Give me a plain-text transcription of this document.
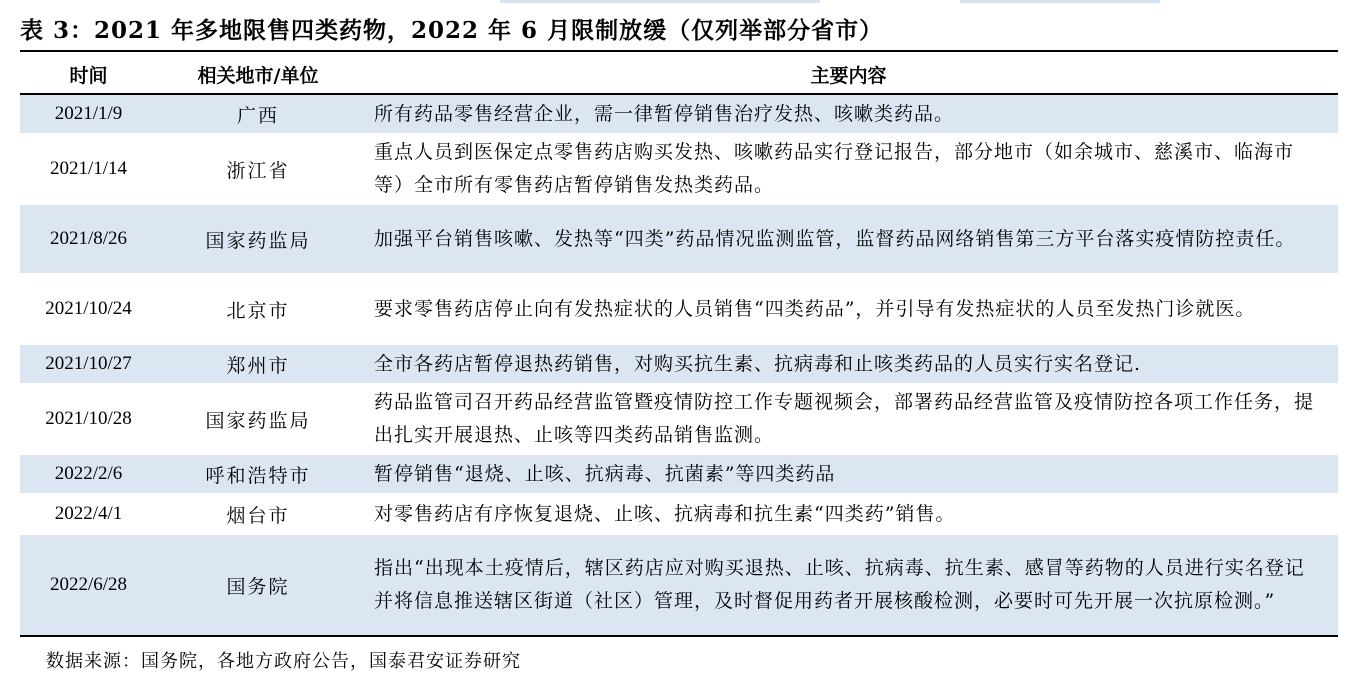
表 3：2021 年多地限售四类药物，2022 年 6 月限制放缓（仅列举部分省市）
时间	相关地市/单位	主要内容
2021/1/9	广西	所有药品零售经营企业，需一律暂停销售治疗发热、咳嗽类药品。
2021/1/14	浙江省	重点人员到医保定点零售药店购买发热、咳嗽药品实行登记报告，部分地市（如余城市、慈溪市、临海市等）全市所有零售药店暂停销售发热类药品。
2021/8/26	国家药监局	加强平台销售咳嗽、发热等“四类”药品情况监测监管，监督药品网络销售第三方平台落实疫情防控责任。
2021/10/24	北京市	要求零售药店停止向有发热症状的人员销售“四类药品”，并引导有发热症状的人员至发热门诊就医。
2021/10/27	郑州市	全市各药店暂停退热药销售，对购买抗生素、抗病毒和止咳类药品的人员实行实名登记.
2021/10/28	国家药监局	药品监管司召开药品经营监管暨疫情防控工作专题视频会，部署药品经营监管及疫情防控各项工作任务，提出扎实开展退热、止咳等四类药品销售监测。
2022/2/6	呼和浩特市	暂停销售“退烧、止咳、抗病毒、抗菌素”等四类药品
2022/4/1	烟台市	对零售药店有序恢复退烧、止咳、抗病毒和抗生素“四类药”销售。
2022/6/28	国务院	指出“出现本土疫情后，辖区药店应对购买退热、止咳、抗病毒、抗生素、感冒等药物的人员进行实名登记并将信息推送辖区街道（社区）管理，及时督促用药者开展核酸检测，必要时可先开展一次抗原检测。”
数据来源：国务院，各地方政府公告，国泰君安证券研究
